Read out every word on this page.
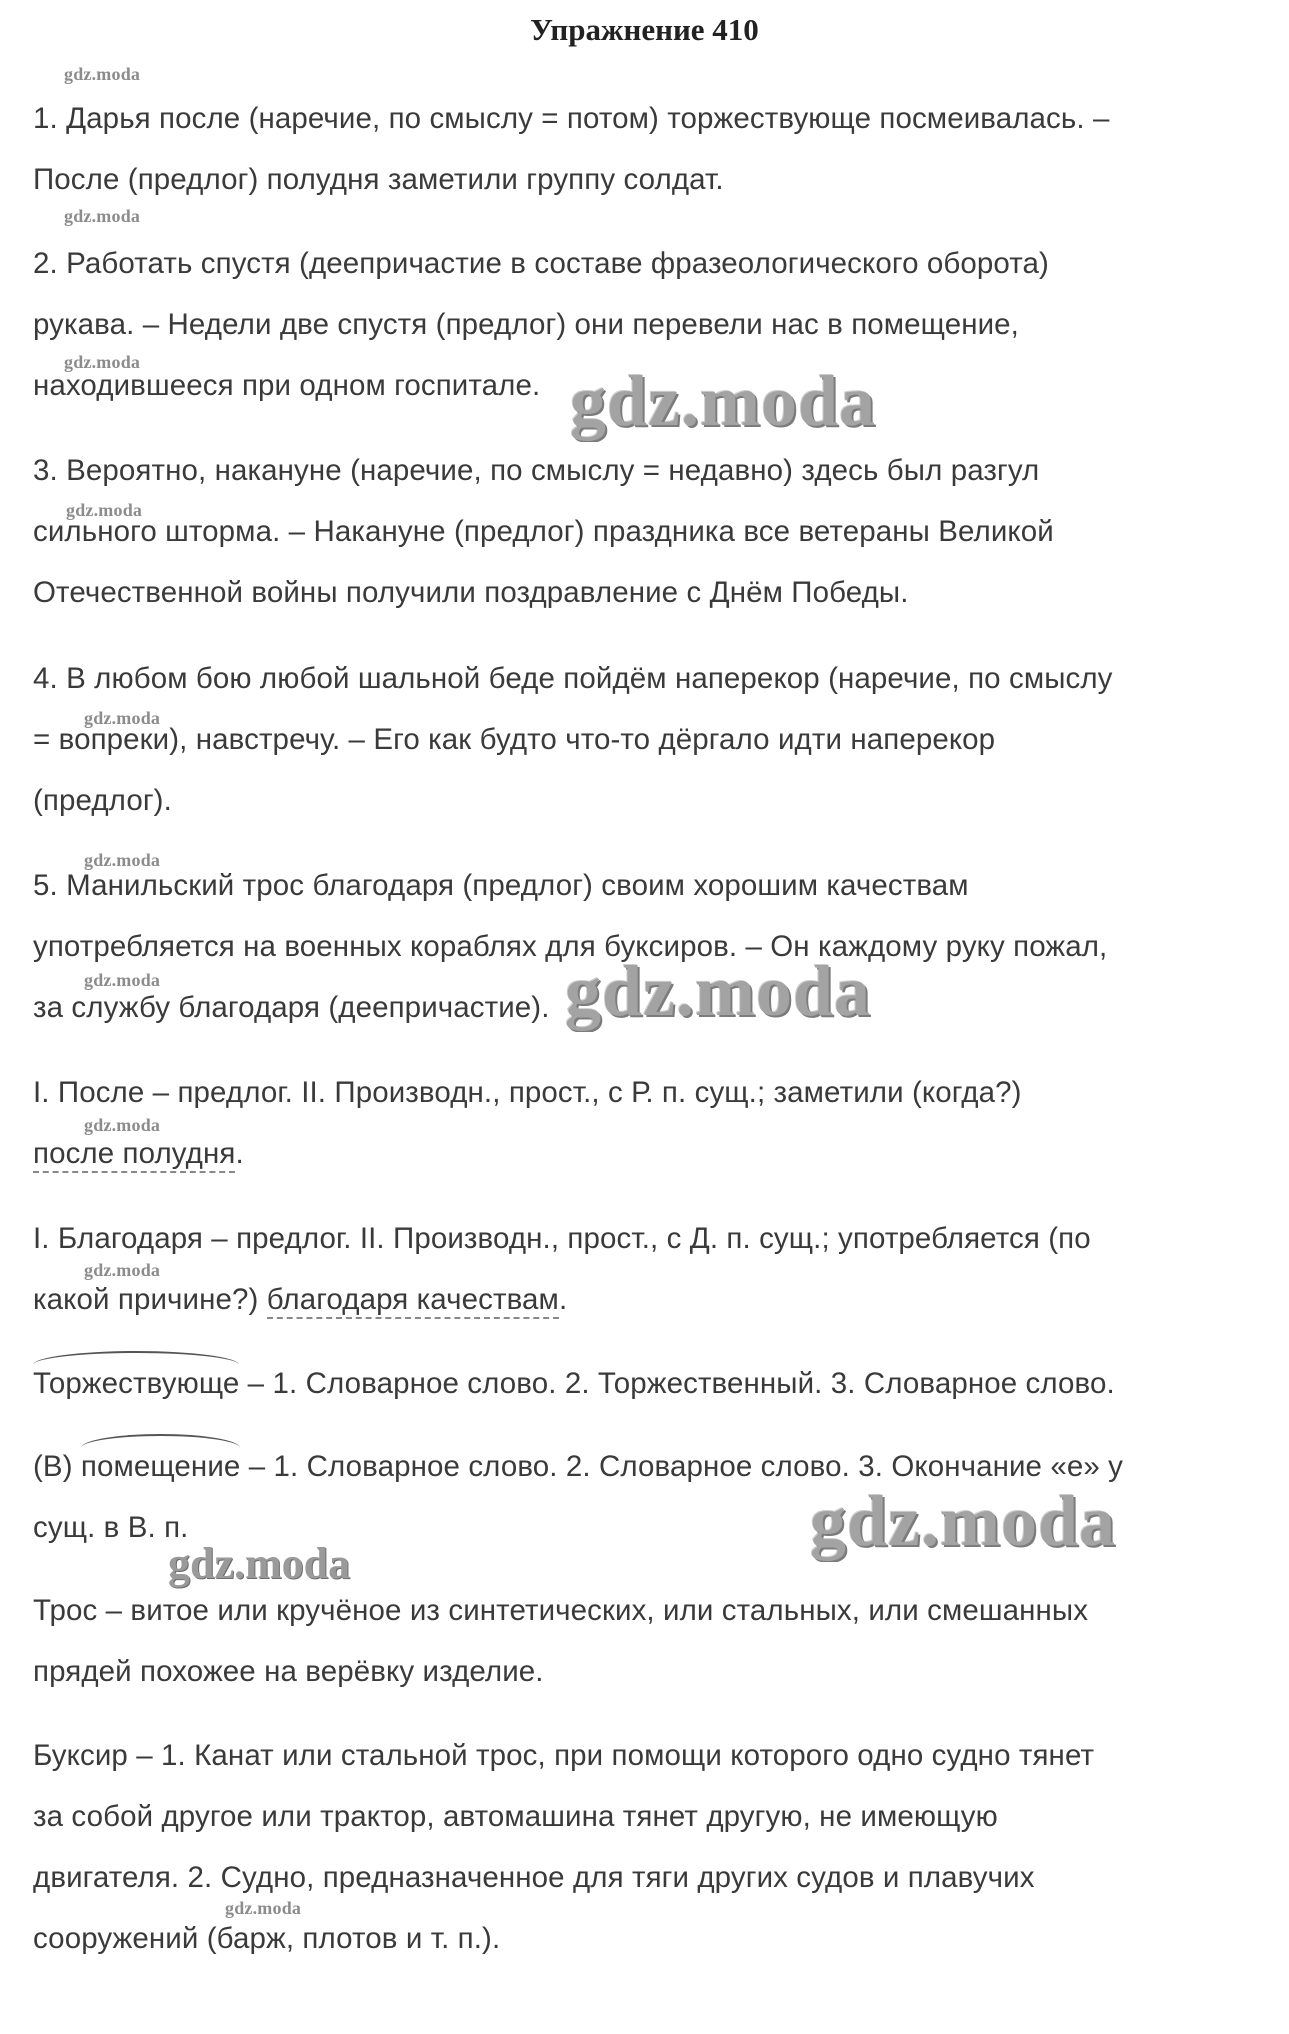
Упражнение 410
gdz.moda
gdz.moda
gdz.moda
gdz.moda
gdz.moda
gdz.moda
gdz.moda
gdz.moda
gdz.moda
gdz.moda
gdz.moda
gdz.moda
gdz.moda
gdz.moda
1. Дарья после (наречие, по смыслу = потом) торжествующе посмеивалась. –
После (предлог) полудня заметили группу солдат.
2. Работать спустя (деепричастие в составе фразеологического оборота)
рукава. – Недели две спустя (предлог) они перевели нас в помещение,
находившееся при одном госпитале.
3. Вероятно, накануне (наречие, по смыслу = недавно) здесь был разгул
сильного шторма. – Накануне (предлог) праздника все ветераны Великой
Отечественной войны получили поздравление с Днём Победы.
4. В любом бою любой шальной беде пойдём наперекор (наречие, по смыслу
= вопреки), навстречу. – Его как будто что-то дёргало идти наперекор
(предлог).
5. Манильский трос благодаря (предлог) своим хорошим качествам
употребляется на военных кораблях для буксиров. – Он каждому руку пожал,
за службу благодаря (деепричастие).
I. После – предлог. II. Производн., прост., с Р. п. сущ.; заметили (когда?)
после полудня.
I. Благодаря – предлог. II. Производн., прост., с Д. п. сущ.; употребляется (по
какой причине?) благодаря качествам.
Торжествующе – 1. Словарное слово. 2. Торжественный. 3. Словарное слово.
(В) помещение – 1. Словарное слово. 2. Словарное слово. 3. Окончание «е» у
сущ. в В. п.
Трос – витое или кручёное из синтетических, или стальных, или смешанных
прядей похожее на верёвку изделие.
Буксир – 1. Канат или стальной трос, при помощи которого одно судно тянет
за собой другое или трактор, автомашина тянет другую, не имеющую
двигателя. 2. Судно, предназначенное для тяги других судов и плавучих
сооружений (барж, плотов и т. п.).
